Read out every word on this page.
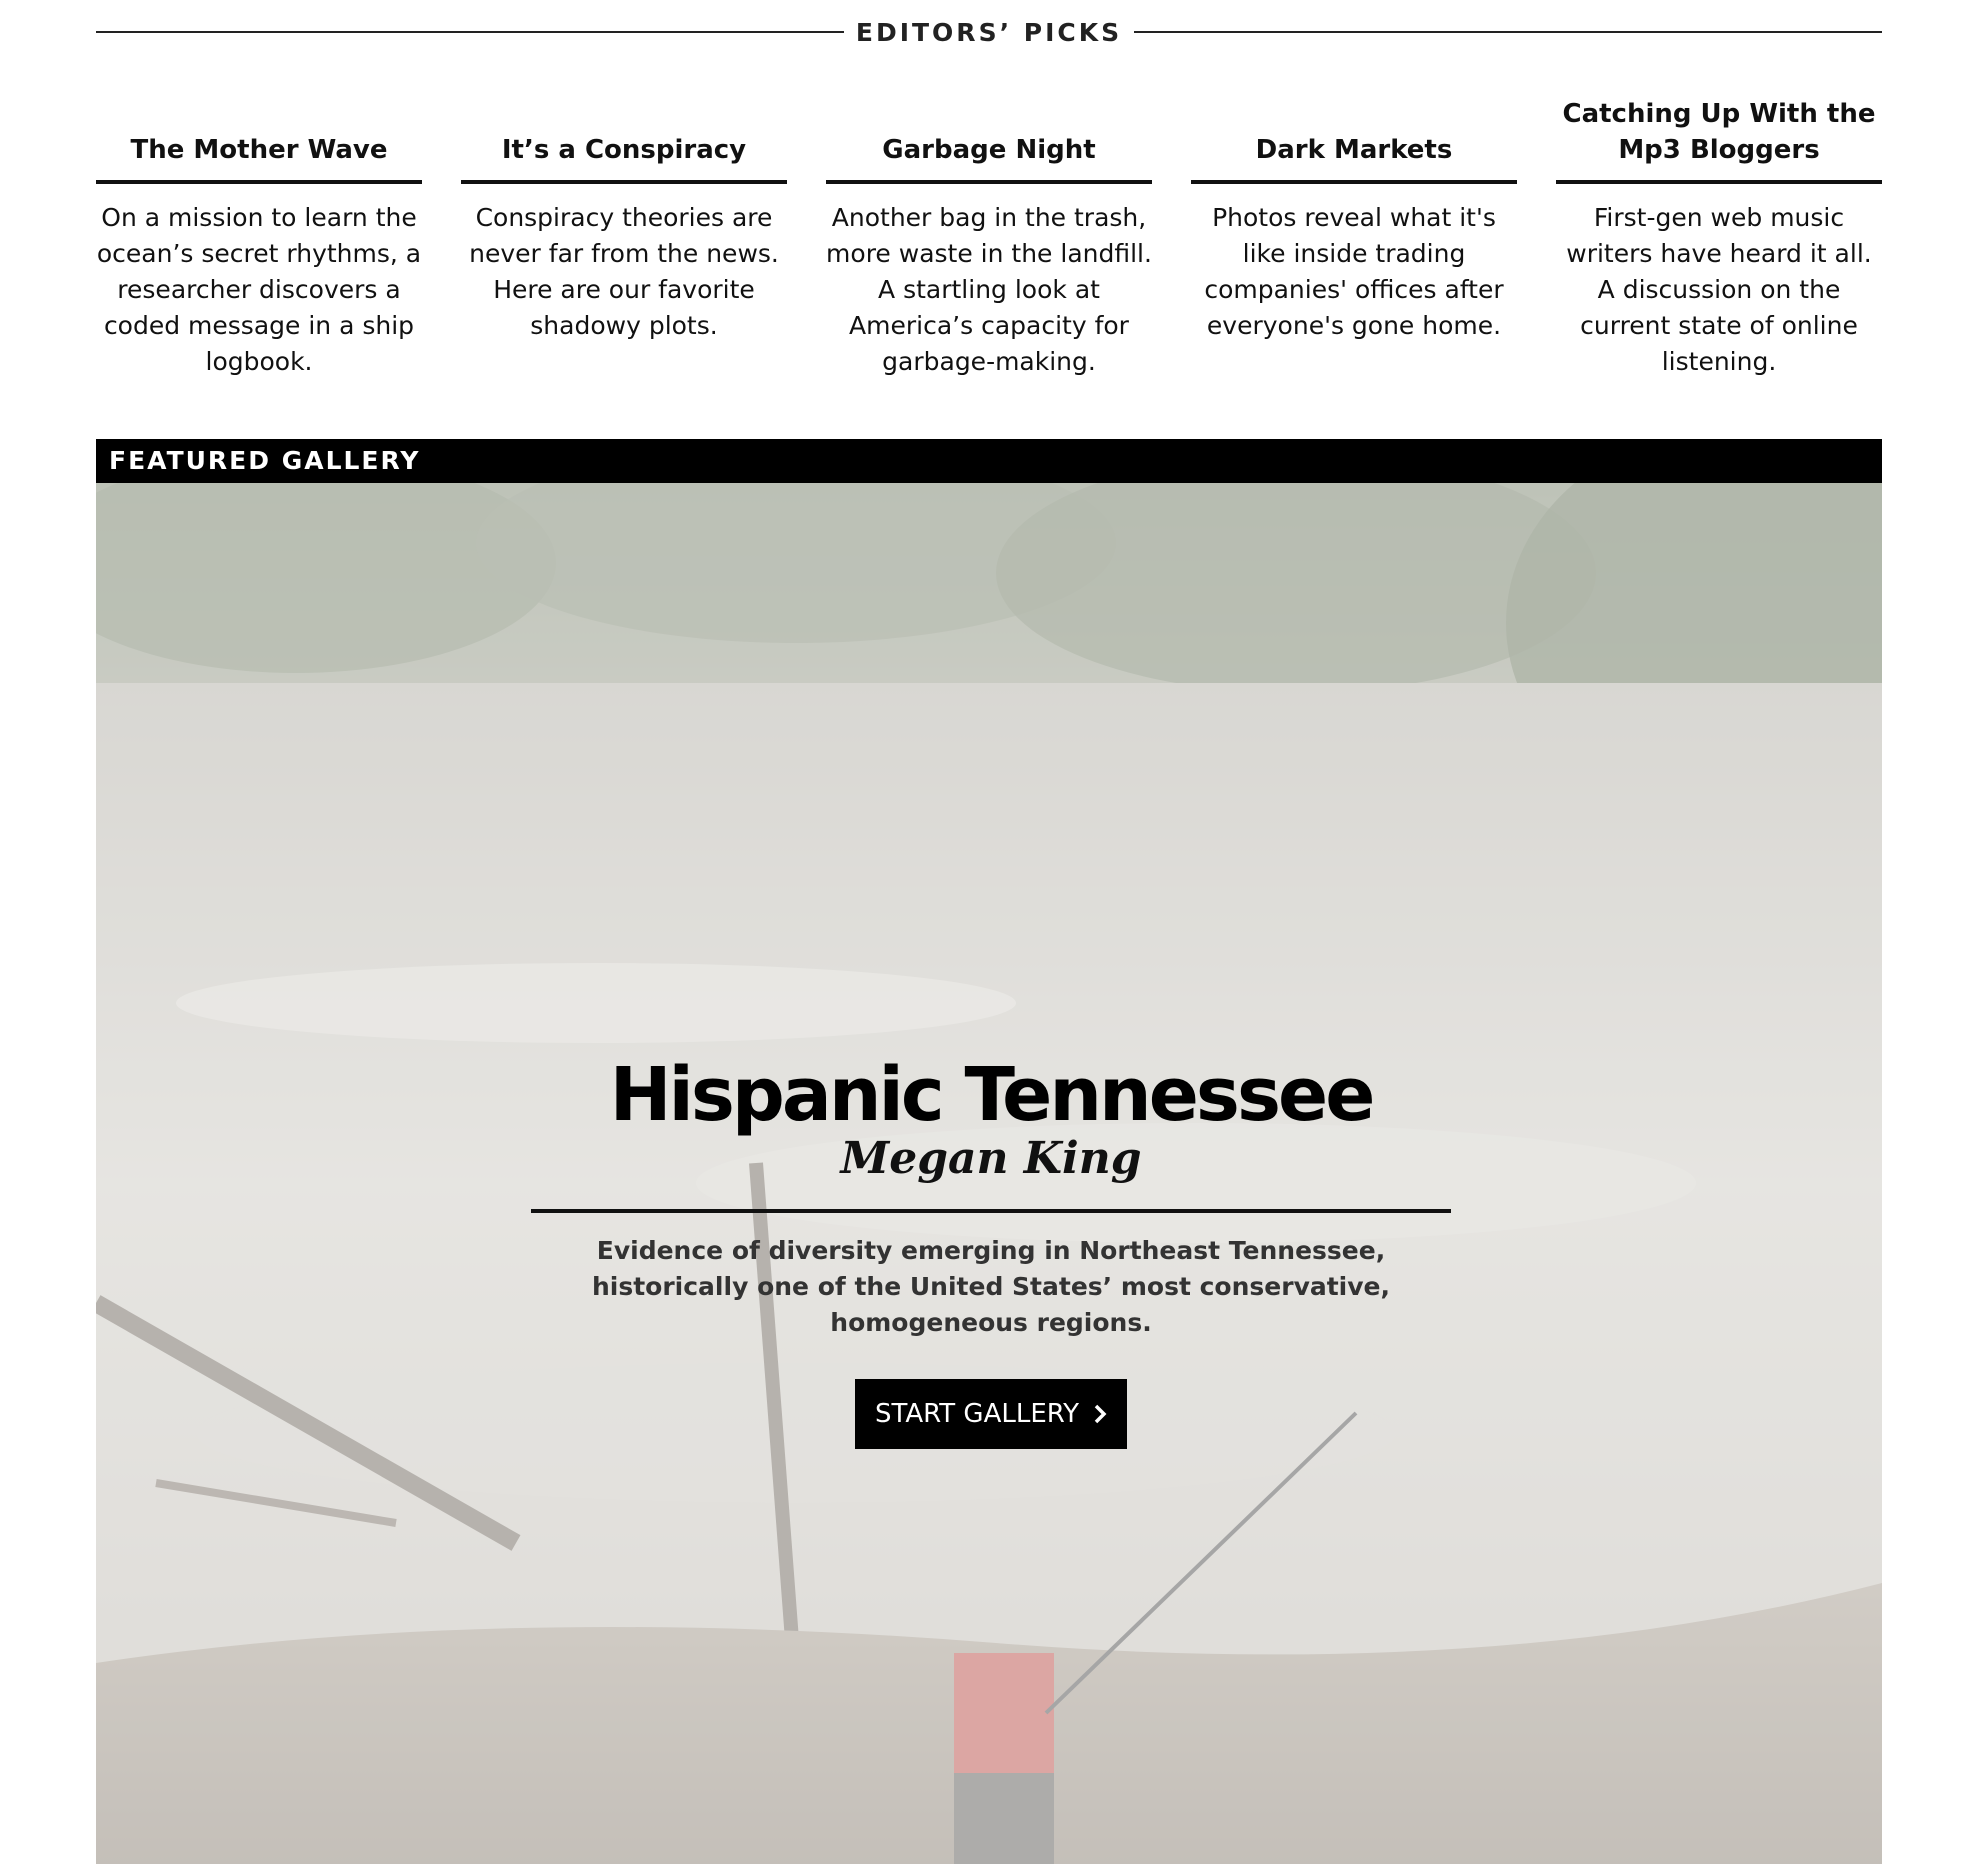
EDITORS’ PICKS
The Mother Wave
On a mission to learn the ocean’s secret rhythms, a researcher discovers a coded message in a ship logbook.
It’s a Conspiracy
Conspiracy theories are never far from the news. Here are our favorite shadowy plots.
Garbage Night
Another bag in the trash, more waste in the landfill. A startling look at America’s capacity for garbage-making.
Dark Markets
Photos reveal what it's like inside trading companies' offices after everyone's gone home.
Catching Up With the Mp3 Bloggers
First-gen web music writers have heard it all. A discussion on the current state of online listening.
FEATURED GALLERY
Hispanic Tennessee
Megan King
Evidence of diversity emerging in Northeast Tennessee, historically one of the United States’ most conservative, homogeneous regions.
START GALLERY
